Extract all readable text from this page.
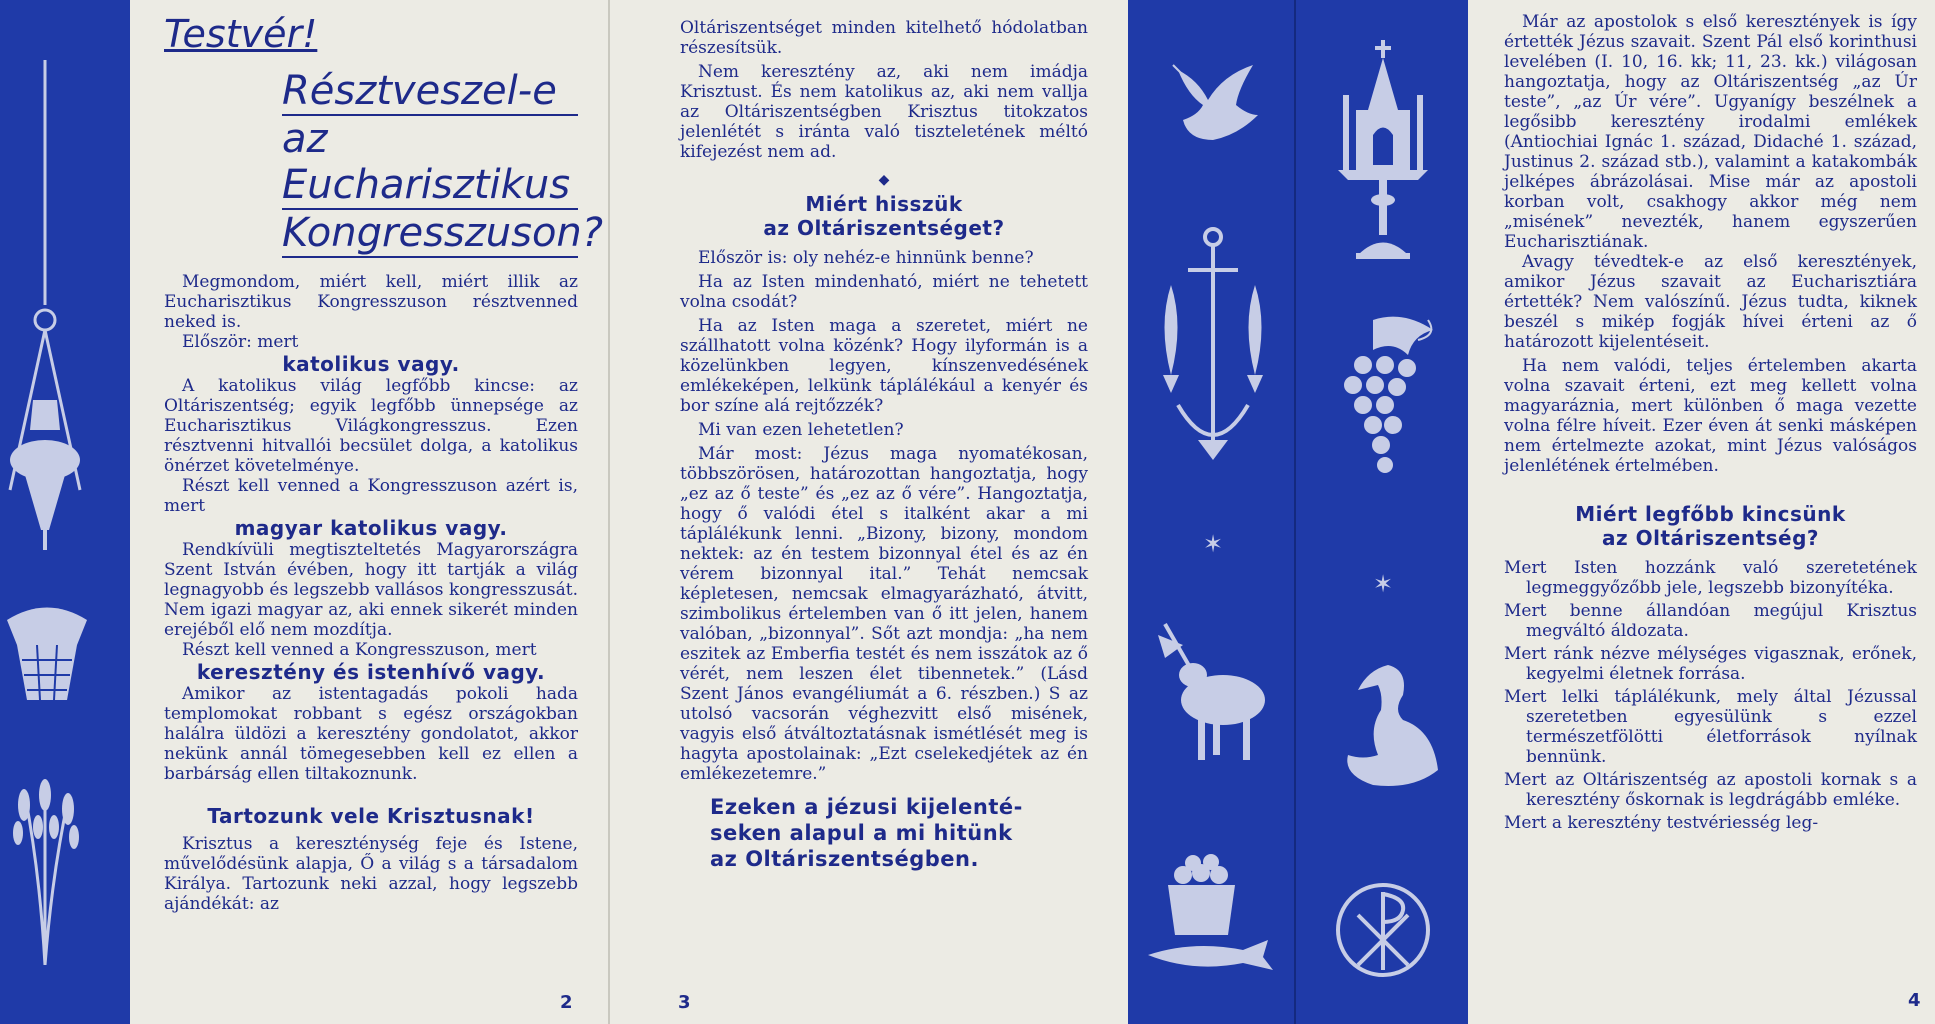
Testvér!
Résztveszel-e
az Eucharisztikus
Kongresszuson?

Megmondom, miért kell, miért illik az Eucharisztikus Kongresszuson résztvenned neked is.

Először: mert

katolikus vagy.

A katolikus világ legfőbb kincse: az Oltáriszentség; egyik legfőbb ünnepsége az Eucharisztikus Világkongresszus. Ezen résztvenni hitvallói becsület dolga, a katolikus önérzet követelménye.

Részt kell venned a Kongresszuson azért is, mert

magyar katolikus vagy.

Rendkívüli megtiszteltetés Magyarországra Szent István évében, hogy itt tartják a világ legnagyobb és legszebb vallásos kongresszusát. Nem igazi magyar az, aki ennek sikerét minden erejéből elő nem mozdítja.

Részt kell venned a Kongresszuson, mert

keresztény és istenhívő vagy.

Amikor az istentagadás pokoli hada templomokat robbant s egész országokban halálra üldözi a keresztény gondolatot, akkor nekünk annál tömegesebben kell ez ellen a barbárság ellen tiltakoznunk.

Tartozunk vele Krisztusnak!

Krisztus a kereszténység feje és Istene, művelődésünk alapja, Ő a világ s a társadalom Királya. Tartozunk neki azzal, hogy legszebb ajándékát: az

2

Oltáriszentséget minden kitelhető hódolatban részesítsük.

Nem keresztény az, aki nem imádja Krisztust. És nem katolikus az, aki nem vallja az Oltáriszentségben Krisztus titokzatos jelenlétét s iránta való tiszteletének méltó kifejezést nem ad.

◆
Miért hisszük
az Oltáriszentséget?

Először is: oly nehéz-e hinnünk benne?

Ha az Isten mindenható, miért ne tehetett volna csodát?

Ha az Isten maga a szeretet, miért ne szállhatott volna közénk? Hogy ilyformán is a közelünkben legyen, kínszenvedésének emlékeképen, lelkünk táplálékául a kenyér és bor színe alá rejtőzzék?

Mi van ezen lehetetlen?

Már most: Jézus maga nyomatékosan, többszörösen, határozottan hangoztatja, hogy „ez az ő teste” és „ez az ő vére”. Hangoztatja, hogy ő valódi étel s italként akar a mi táplálékunk lenni. „Bizony, bizony, mondom nektek: az én testem bizonnyal étel és az én vérem bizonnyal ital.” Tehát nemcsak képletesen, nemcsak elmagyarázható, átvitt, szimbolikus értelemben van ő itt jelen, hanem valóban, „bizonnyal”. Sőt azt mondja: „ha nem eszitek az Emberfia testét és nem isszátok az ő vérét, nem leszen élet tibennetek.” (Lásd Szent János evangéliumát a 6. részben.) S az utolsó vacsorán véghezvitt első misének, vagyis első átváltoztatásnak ismétlését meg is hagyta apostolainak: „Ezt cselekedjétek az én emlékezetemre.”

Ezeken a jézusi kijelenté-
seken alapul a mi hitünk
az Oltáriszentségben.
3
✶
✶

Már az apostolok s első keresztények is így értették Jézus szavait. Szent Pál első korinthusi levelében (I. 10, 16. kk; 11, 23. kk.) világosan hangoztatja, hogy az Oltáriszentség „az Úr teste”, „az Úr vére”. Ugyanígy beszélnek a legősibb keresztény irodalmi emlékek (Antiochiai Ignác 1. század, Didaché 1. század, Justinus 2. század stb.), valamint a katakombák jelképes ábrázolásai. Mise már az apostoli korban volt, csakhogy akkor még nem „misének” nevezték, hanem egyszerűen Eucharisztiának.

Avagy tévedtek-e az első keresztények, amikor Jézus szavait az Eucharisztiára értették? Nem valószínű. Jézus tudta, kiknek beszél s mikép fogják hívei érteni az ő határozott kijelentéseit.

Ha nem valódi, teljes értelemben akarta volna szavait érteni, ezt meg kellett volna magyaráznia, mert különben ő maga vezette volna félre híveit. Ezer éven át senki másképen nem értelmezte azokat, mint Jézus valóságos jelenlétének értelmében.

Miért legfőbb kincsünk
az Oltáriszentség?

Mert Isten hozzánk való szeretetének legmeggyőzőbb jele, legszebb bizonyítéka.

Mert benne állandóan megújul Krisztus megváltó áldozata.

Mert ránk nézve mélységes vigasznak, erőnek, kegyelmi életnek forrása.

Mert lelki táplálékunk, mely által Jézussal szeretetben egyesülünk s ezzel természetfölötti életforrások nyílnak bennünk.

Mert az Oltáriszentség az apostoli kornak s a keresztény őskornak is legdrágább emléke.

Mert a keresztény testvériesség leg-

4
